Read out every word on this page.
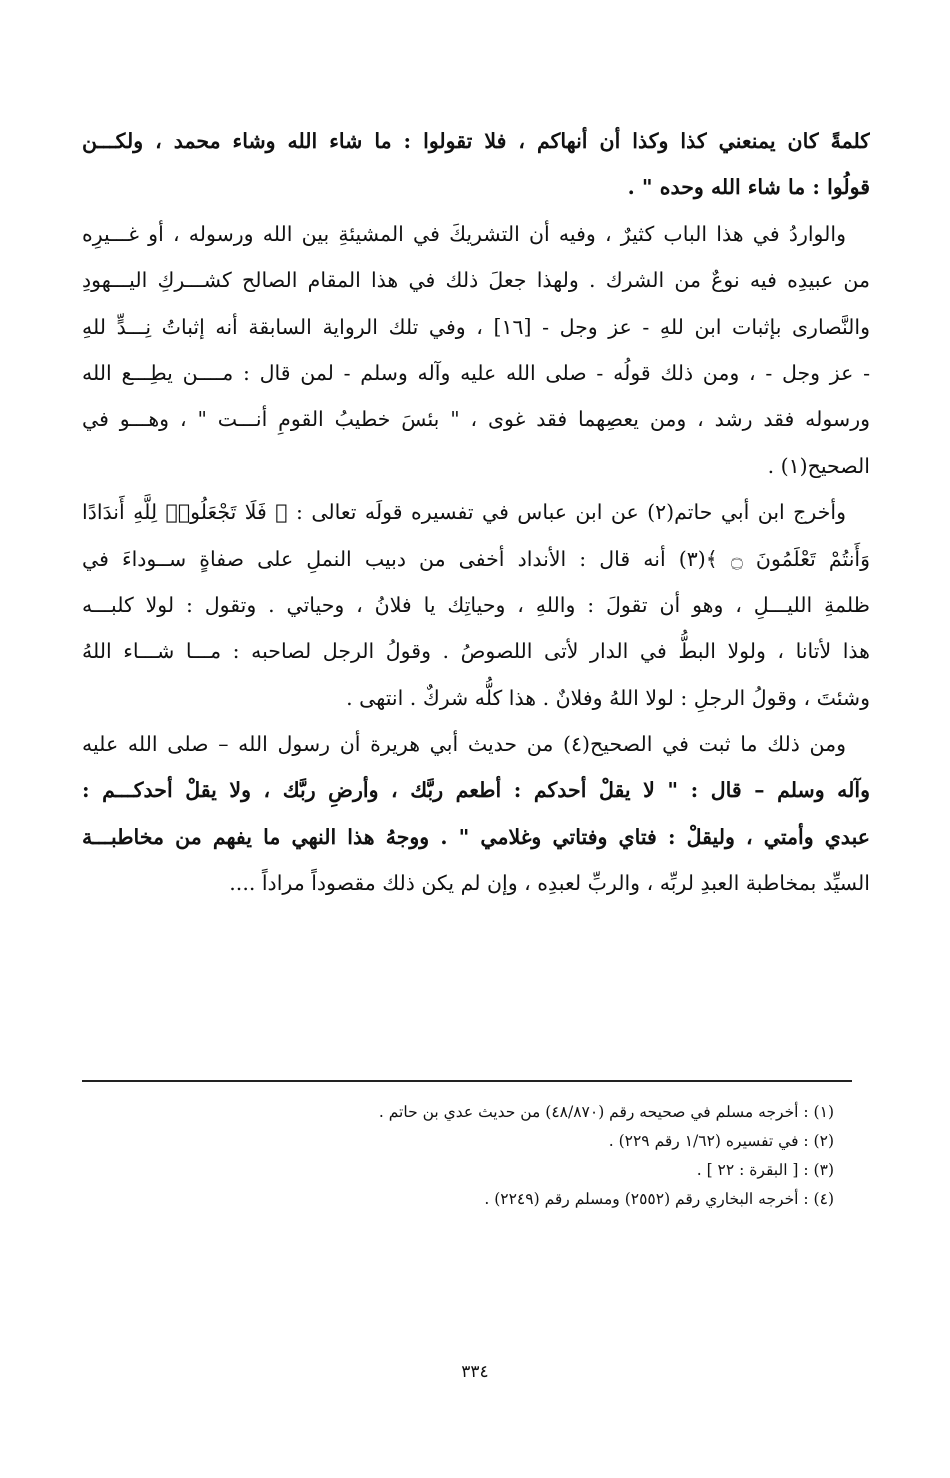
كلمةً كان يمنعني كذا وكذا أن أنهاكم ، فلا تقولوا : ما شاء الله وشاء محمد ، ولكـــن
قولُوا : ما شاء الله وحده " .
والواردُ في هذا الباب كثيرٌ ، وفيه أن التشريكَ في المشيئةِ بين الله ورسوله ، أو غـــيرِه
من عبيدِه فيه نوعٌ من الشرك . ولهذا جعلَ ذلك في هذا المقام الصالح كشـــركِ اليـــهودِ
والنَّصارى بإثبات ابن للهِ - عز وجل - [١٦] ، وفي تلك الرواية السابقة أنه إثباتُ نِـــدٍّ للهِ
- عز وجل - ، ومن ذلك قولُه - صلى الله عليه وآله وسلم - لمن قال : مــــن يطِـــع الله
ورسوله فقد رشد ، ومن يعصِهما فقد غوى ، " بئسَ خطيبُ القومِ أنـــت " ، وهـــو في
الصحيح(١) .
وأخرج ابن أبي حاتم(٢) عن ابن عباس في تفسيره قولَه تعالى : ﴿ فَلَا تَجْعَلُوا۟ لِلَّهِ أَندَادًا
وَأَنتُمْ تَعْلَمُونَ ۝ ﴾(٣) أنه قال : الأنداد أخفى من دبيب النملِ على صفاةٍ ســوداءَ في
ظلمةِ الليـــلِ ، وهو أن تقولَ : واللهِ ، وحياتِك يا فلانُ ، وحياتي . وتقول : لولا كلبـــه
هذا لأتانا ، ولولا البطُّ في الدار لأتى اللصوصُ . وقولُ الرجل لصاحبه : مـــا شـــاء اللهُ
وشئتَ ، وقولُ الرجلِ : لولا اللهُ وفلانٌ . هذا كلُّه شركٌ . انتهى .
ومن ذلك ما ثبت في الصحيح(٤) من حديث أبي هريرة أن رسول الله – صلى الله عليه
وآله وسلم – قال : " لا يقلْ أحدكم : أطعم ربَّك ، وأرضِ ربَّك ، ولا يقلْ أحدكـــم :
عبدي وأمتي ، وليقلْ : فتاي وفتاتي وغلامي " . ووجهُ هذا النهي ما يفهم من مخاطبـــة
السيِّد بمخاطبة العبدِ لربِّه ، والربِّ لعبدِه ، وإن لم يكن ذلك مقصوداً مراداً ....
(١) : أخرجه مسلم في صحيحه رقم (٤٨/٨٧٠) من حديث عدي بن حاتم .
(٢) : في تفسيره (١/٦٢ رقم ٢٢٩) .
(٣) : [ البقرة : ٢٢ ] .
(٤) : أخرجه البخاري رقم (٢٥٥٢) ومسلم رقم (٢٢٤٩) .
٣٣٤
